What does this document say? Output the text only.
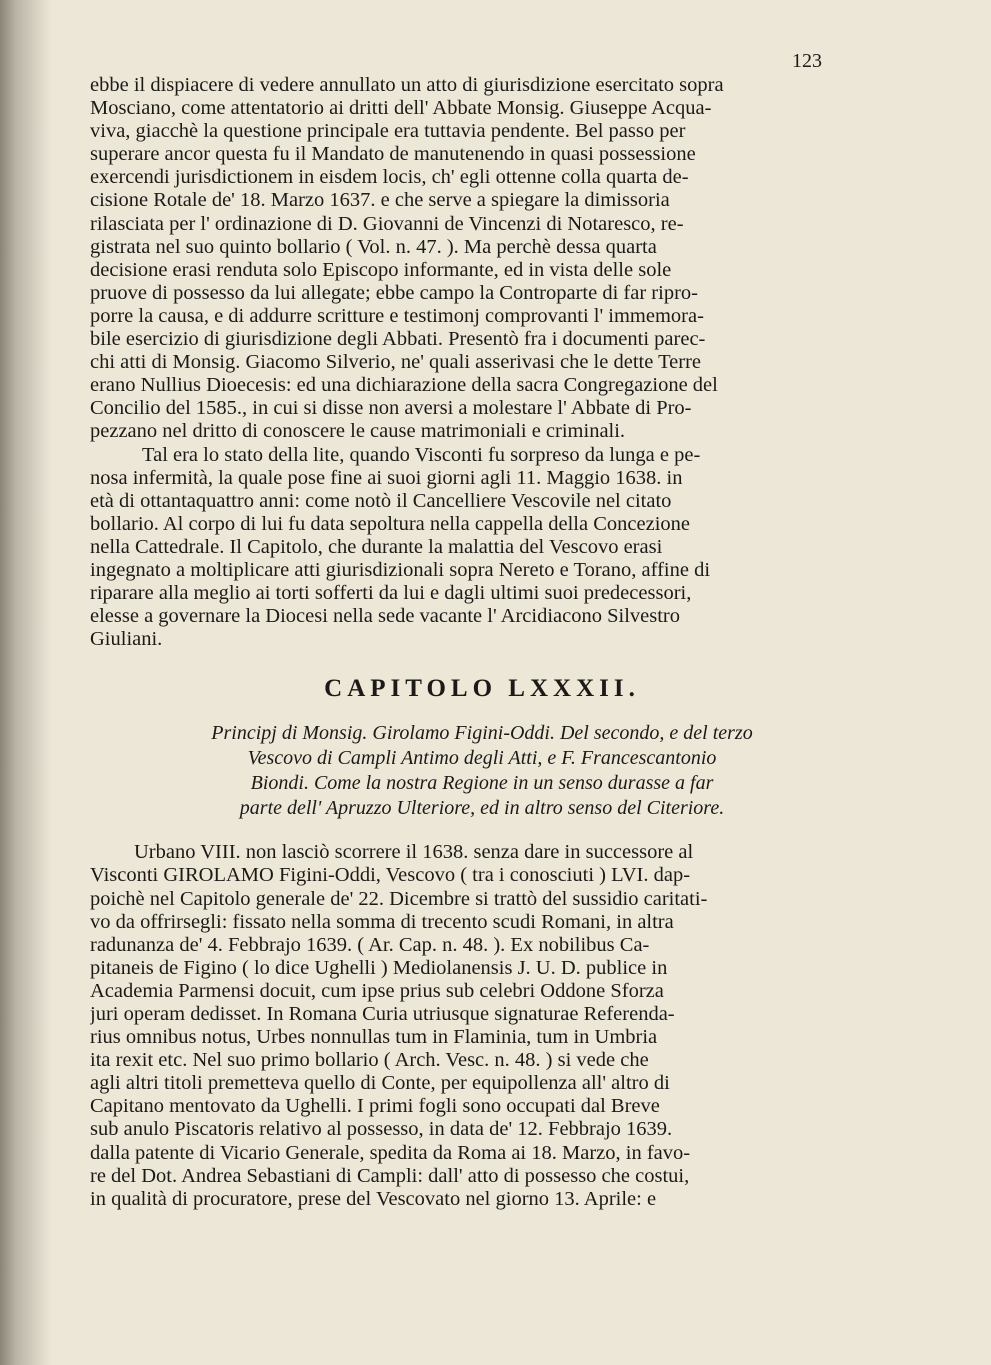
123

ebbe il dispiacere di vedere annullato un atto di giurisdizione esercitato sopra
Mosciano, come attentatorio ai dritti dell' Abbate Monsig. Giuseppe Acqua-
viva, giacchè la questione principale era tuttavia pendente. Bel passo per
superare ancor questa fu il Mandato de manutenendo in quasi possessione
exercendi jurisdictionem in eisdem locis, ch' egli ottenne colla quarta de-
cisione Rotale de' 18. Marzo 1637. e che serve a spiegare la dimissoria
rilasciata per l' ordinazione di D. Giovanni de Vincenzi di Notaresco, re-
gistrata nel suo quinto bollario ( Vol. n. 47. ). Ma perchè dessa quarta
decisione erasi renduta solo Episcopo informante, ed in vista delle sole
pruove di possesso da lui allegate; ebbe campo la Controparte di far ripro-
porre la causa, e di addurre scritture e testimonj comprovanti l' immemora-
bile esercizio di giurisdizione degli Abbati. Presentò fra i documenti parec-
chi atti di Monsig. Giacomo Silverio, ne' quali asserivasi che le dette Terre
erano Nullius Dioecesis: ed una dichiarazione della sacra Congregazione del
Concilio del 1585., in cui si disse non aversi a molestare l' Abbate di Pro-
pezzano nel dritto di conoscere le cause matrimoniali e criminali.

Tal era lo stato della lite, quando Visconti fu sorpreso da lunga e pe-
nosa infermità, la quale pose fine ai suoi giorni agli 11. Maggio 1638. in
età di ottantaquattro anni: come notò il Cancelliere Vescovile nel citato
bollario. Al corpo di lui fu data sepoltura nella cappella della Concezione
nella Cattedrale. Il Capitolo, che durante la malattia del Vescovo erasi
ingegnato a moltiplicare atti giurisdizionali sopra Nereto e Torano, affine di
riparare alla meglio ai torti sofferti da lui e dagli ultimi suoi predecessori,
elesse a governare la Diocesi nella sede vacante l' Arcidiacono Silvestro
Giuliani.

CAPITOLO LXXXII.
Principj di Monsig. Girolamo Figini-Oddi. Del secondo, e del terzo
Vescovo di Campli Antimo degli Atti, e F. Francescantonio
Biondi. Come la nostra Regione in un senso durasse a far
parte dell' Apruzzo Ulteriore, ed in altro senso del Citeriore.

Urbano VIII. non lasciò scorrere il 1638. senza dare in successore al
Visconti GIROLAMO Figini-Oddi, Vescovo ( tra i conosciuti ) LVI. dap-
poichè nel Capitolo generale de' 22. Dicembre si trattò del sussidio caritati-
vo da offrirsegli: fissato nella somma di trecento scudi Romani, in altra
radunanza de' 4. Febbrajo 1639. ( Ar. Cap. n. 48. ). Ex nobilibus Ca-
pitaneis de Figino ( lo dice Ughelli ) Mediolanensis J. U. D. publice in
Academia Parmensi docuit, cum ipse prius sub celebri Oddone Sforza
juri operam dedisset. In Romana Curia utriusque signaturae Referenda-
rius omnibus notus, Urbes nonnullas tum in Flaminia, tum in Umbria
ita rexit etc. Nel suo primo bollario ( Arch. Vesc. n. 48. ) si vede che
agli altri titoli premetteva quello di Conte, per equipollenza all' altro di
Capitano mentovato da Ughelli. I primi fogli sono occupati dal Breve
sub anulo Piscatoris relativo al possesso, in data de' 12. Febbrajo 1639.
dalla patente di Vicario Generale, spedita da Roma ai 18. Marzo, in favo-
re del Dot. Andrea Sebastiani di Campli: dall' atto di possesso che costui,
in qualità di procuratore, prese del Vescovato nel giorno 13. Aprile: e
